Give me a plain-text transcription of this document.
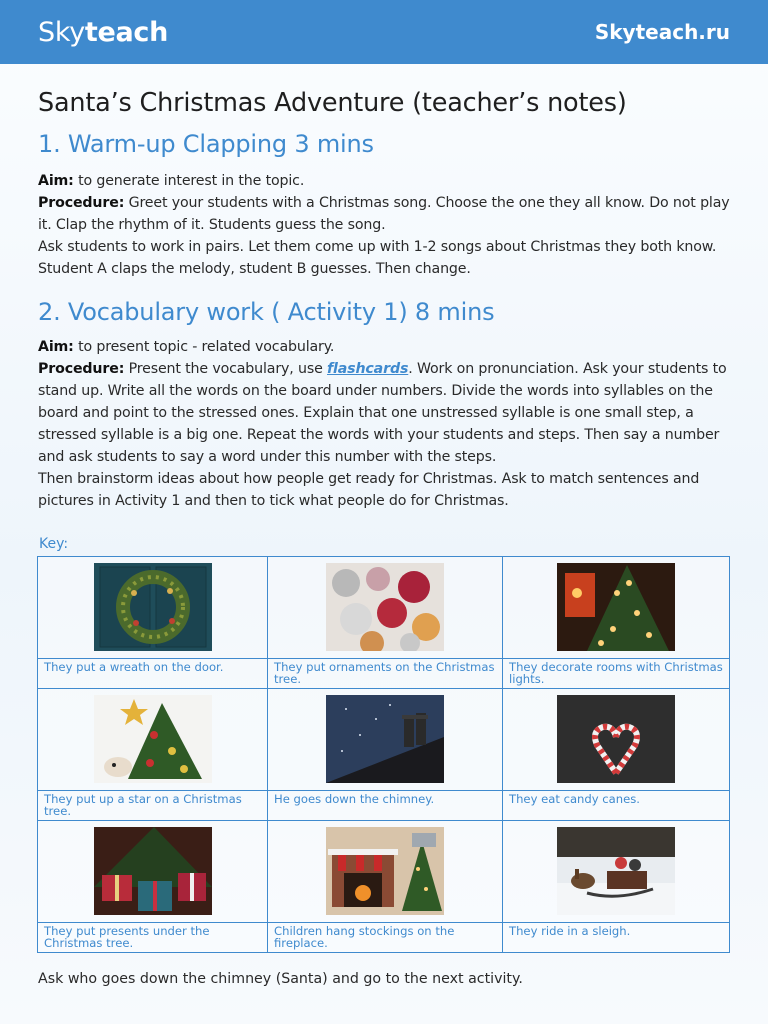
Skyteach	Skyteach.ru
Santa’s Christmas Adventure (teacher’s notes)
1. Warm-up Clapping 3 mins
Aim: to generate interest in the topic.
Procedure: Greet your students with a Christmas song. Choose the one they all know. Do not play it. Clap the rhythm of it. Students guess the song.
Ask students to work in pairs. Let them come up with 1-2 songs about Christmas they both know. Student A claps the melody, student B guesses. Then change.
2. Vocabulary work ( Activity 1) 8 mins
Aim: to present topic - related vocabulary.
Procedure: Present the vocabulary, use flashcards. Work on pronunciation. Ask your students to stand up. Write all the words on the board under numbers. Divide the words into syllables on the board and point to the stressed ones. Explain that one unstressed syllable is one small step, a stressed syllable is a big one. Repeat the words with your students and steps. Then say a number and ask students to say a word under this number with the steps.
Then brainstorm ideas about how people get ready for Christmas. Ask to match sentences and pictures in Activity 1 and then to tick what people do for Christmas.
Key:

They put a wreath on the door.	They put ornaments on the Christmas tree.	They decorate rooms with Christmas lights.

They put up a star on a Christmas tree.	He goes down the chimney.	They eat candy canes.

They put presents under the Christmas tree.	Children hang stockings on the fireplace.	They ride in a sleigh.
Ask who goes down the chimney (Santa) and go to the next activity.
